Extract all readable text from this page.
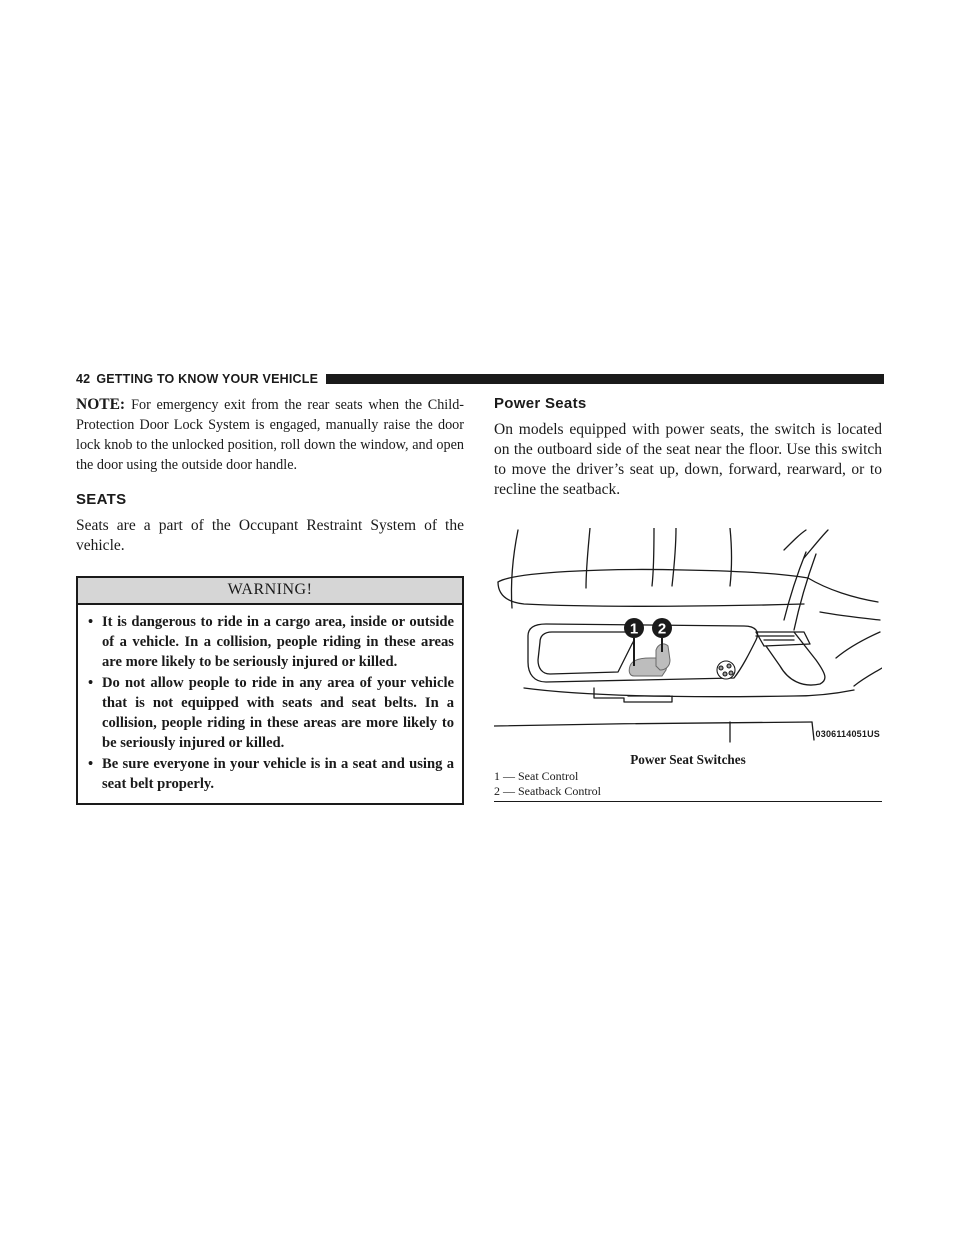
42 GETTING TO KNOW YOUR VEHICLE

NOTE: For emergency exit from the rear seats when the Child-Protection Door Lock System is engaged, manually raise the door lock knob to the unlocked position, roll down the window, and open the door using the outside door handle.

SEATS

Seats are a part of the Occupant Restraint System of the vehicle.

WARNING!
• It is dangerous to ride in a cargo area, inside or outside of a vehicle. In a collision, people riding in these areas are more likely to be seriously injured or killed.
• Do not allow people to ride in any area of your vehicle that is not equipped with seats and seat belts. In a collision, people riding in these areas are more likely to be seriously injured or killed.
• Be sure everyone in your vehicle is in a seat and using a seat belt properly.
Power Seats

On models equipped with power seats, the switch is located on the outboard side of the seat near the floor. Use this switch to move the driver’s seat up, down, forward, rearward, or to recline the seatback.

1 2
0306114051US
Power Seat Switches
1 — Seat Control
2 — Seatback Control
